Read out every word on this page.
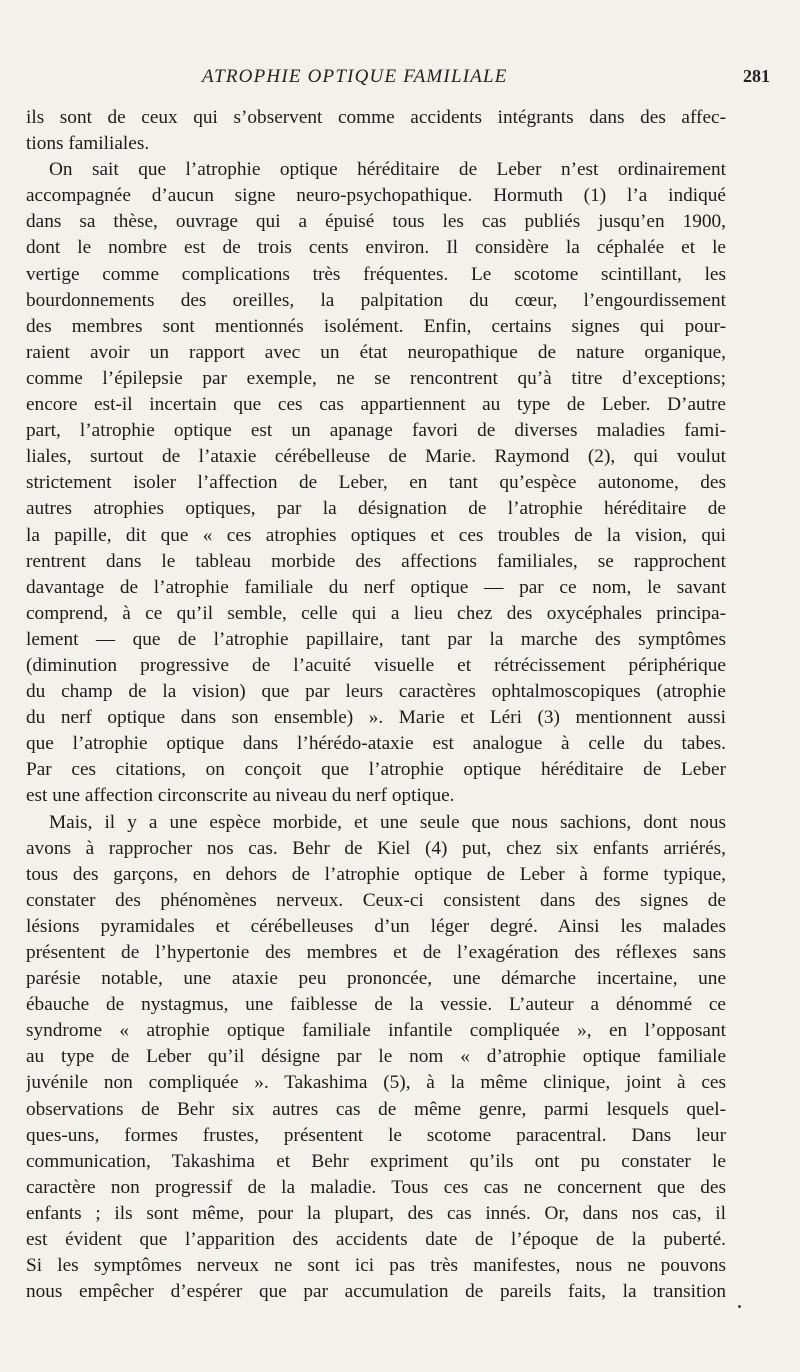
ATROPHIE OPTIQUE FAMILIALE	281
ils sont de ceux qui s’observent comme accidents intégrants dans des affec-
tions familiales.
On sait que l’atrophie optique héréditaire de Leber n’est ordinairement
accompagnée d’aucun signe neuro-psychopathique. Hormuth (1) l’a indiqué
dans sa thèse, ouvrage qui a épuisé tous les cas publiés jusqu’en 1900,
dont le nombre est de trois cents environ. Il considère la céphalée et le
vertige comme complications très fréquentes. Le scotome scintillant, les
bourdonnements des oreilles, la palpitation du cœur, l’engourdissement
des membres sont mentionnés isolément. Enfin, certains signes qui pour-
raient avoir un rapport avec un état neuropathique de nature organique,
comme l’épilepsie par exemple, ne se rencontrent qu’à titre d’exceptions;
encore est-il incertain que ces cas appartiennent au type de Leber. D’autre
part, l’atrophie optique est un apanage favori de diverses maladies fami-
liales, surtout de l’ataxie cérébelleuse de Marie. Raymond (2), qui voulut
strictement isoler l’affection de Leber, en tant qu’espèce autonome, des
autres atrophies optiques, par la désignation de l’atrophie héréditaire de
la papille, dit que « ces atrophies optiques et ces troubles de la vision, qui
rentrent dans le tableau morbide des affections familiales, se rapprochent
davantage de l’atrophie familiale du nerf optique — par ce nom, le savant
comprend, à ce qu’il semble, celle qui a lieu chez des oxycéphales principa-
lement — que de l’atrophie papillaire, tant par la marche des symptômes
(diminution progressive de l’acuité visuelle et rétrécissement périphérique
du champ de la vision) que par leurs caractères ophtalmoscopiques (atrophie
du nerf optique dans son ensemble) ». Marie et Léri (3) mentionnent aussi
que l’atrophie optique dans l’hérédo-ataxie est analogue à celle du tabes.
Par ces citations, on conçoit que l’atrophie optique héréditaire de Leber
est une affection circonscrite au niveau du nerf optique.
Mais, il y a une espèce morbide, et une seule que nous sachions, dont nous
avons à rapprocher nos cas. Behr de Kiel (4) put, chez six enfants arriérés,
tous des garçons, en dehors de l’atrophie optique de Leber à forme typique,
constater des phénomènes nerveux. Ceux-ci consistent dans des signes de
lésions pyramidales et cérébelleuses d’un léger degré. Ainsi les malades
présentent de l’hypertonie des membres et de l’exagération des réflexes sans
parésie notable, une ataxie peu prononcée, une démarche incertaine, une
ébauche de nystagmus, une faiblesse de la vessie. L’auteur a dénommé ce
syndrome « atrophie optique familiale infantile compliquée », en l’opposant
au type de Leber qu’il désigne par le nom « d’atrophie optique familiale
juvénile non compliquée ». Takashima (5), à la même clinique, joint à ces
observations de Behr six autres cas de même genre, parmi lesquels quel-
ques-uns, formes frustes, présentent le scotome paracentral. Dans leur
communication, Takashima et Behr expriment qu’ils ont pu constater le
caractère non progressif de la maladie. Tous ces cas ne concernent que des
enfants ; ils sont même, pour la plupart, des cas innés. Or, dans nos cas, il
est évident que l’apparition des accidents date de l’époque de la puberté.
Si les symptômes nerveux ne sont ici pas très manifestes, nous ne pouvons
nous empêcher d’espérer que par accumulation de pareils faits, la transition
